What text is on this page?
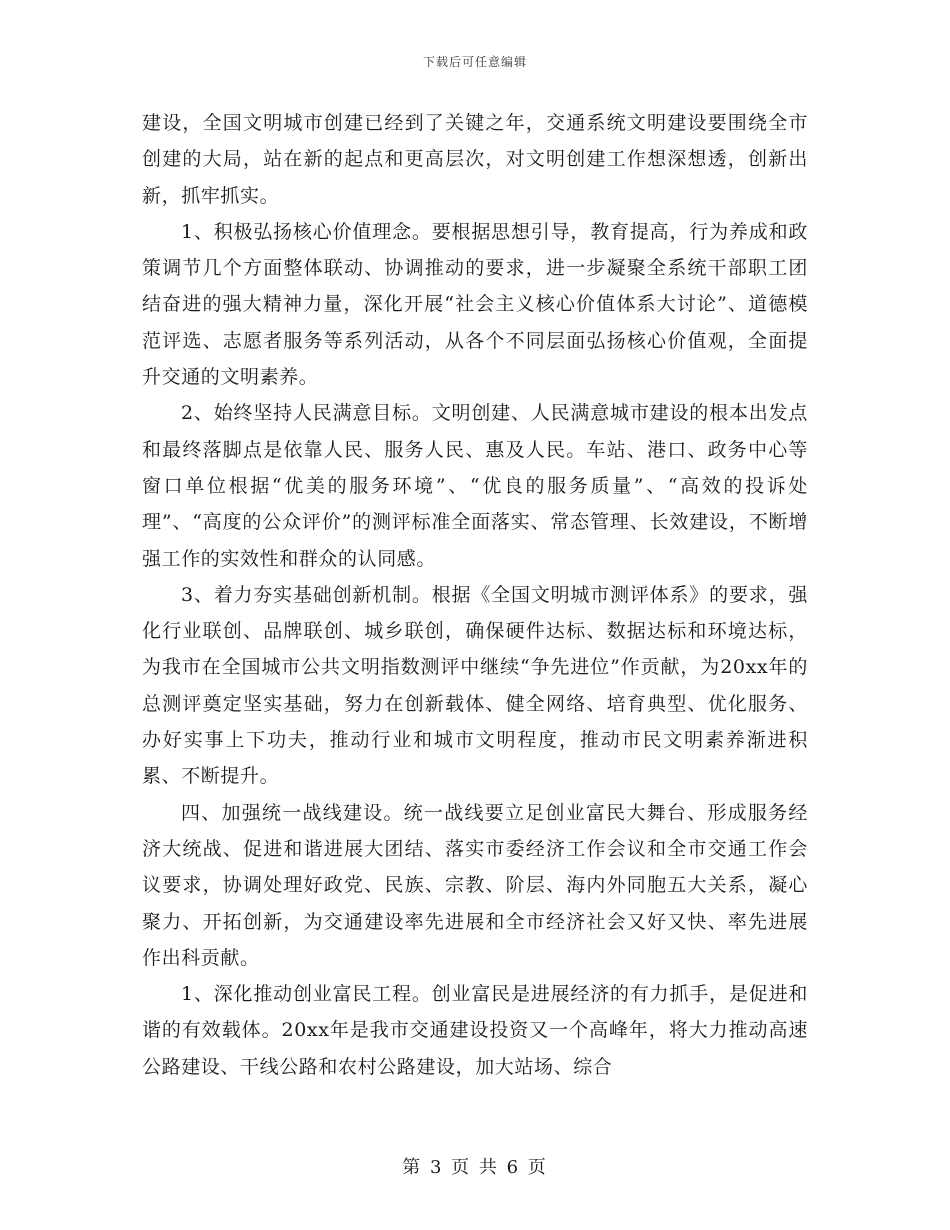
下载后可任意编辑

建设，全国文明城市创建已经到了关键之年，交通系统文明建设要围绕全市创建的大局，站在新的起点和更高层次，对文明创建工作想深想透，创新出新，抓牢抓实。

1、积极弘扬核心价值理念。要根据思想引导，教育提高，行为养成和政策调节几个方面整体联动、协调推动的要求，进一步凝聚全系统干部职工团结奋进的强大精神力量，深化开展“社会主义核心价值体系大讨论”、道德模范评选、志愿者服务等系列活动，从各个不同层面弘扬核心价值观，全面提升交通的文明素养。

2、始终坚持人民满意目标。文明创建、人民满意城市建设的根本出发点和最终落脚点是依靠人民、服务人民、惠及人民。车站、港口、政务中心等窗口单位根据“优美的服务环境”、“优良的服务质量”、“高效的投诉处理”、“高度的公众评价”的测评标准全面落实、常态管理、长效建设，不断增强工作的实效性和群众的认同感。

3、着力夯实基础创新机制。根据《全国文明城市测评体系》的要求，强化行业联创、品牌联创、城乡联创，确保硬件达标、数据达标和环境达标，为我市在全国城市公共文明指数测评中继续“争先进位”作贡献，为20xx年的总测评奠定坚实基础，努力在创新载体、健全网络、培育典型、优化服务、办好实事上下功夫，推动行业和城市文明程度，推动市民文明素养渐进积累、不断提升。

四、加强统一战线建设。统一战线要立足创业富民大舞台、形成服务经济大统战、促进和谐进展大团结、落实市委经济工作会议和全市交通工作会议要求，协调处理好政党、民族、宗教、阶层、海内外同胞五大关系，凝心聚力、开拓创新，为交通建设率先进展和全市经济社会又好又快、率先进展作出科贡献。

1、深化推动创业富民工程。创业富民是进展经济的有力抓手，是促进和谐的有效载体。20xx年是我市交通建设投资又一个高峰年，将大力推动高速公路建设、干线公路和农村公路建设，加大站场、综合

第 3 页 共 6 页
